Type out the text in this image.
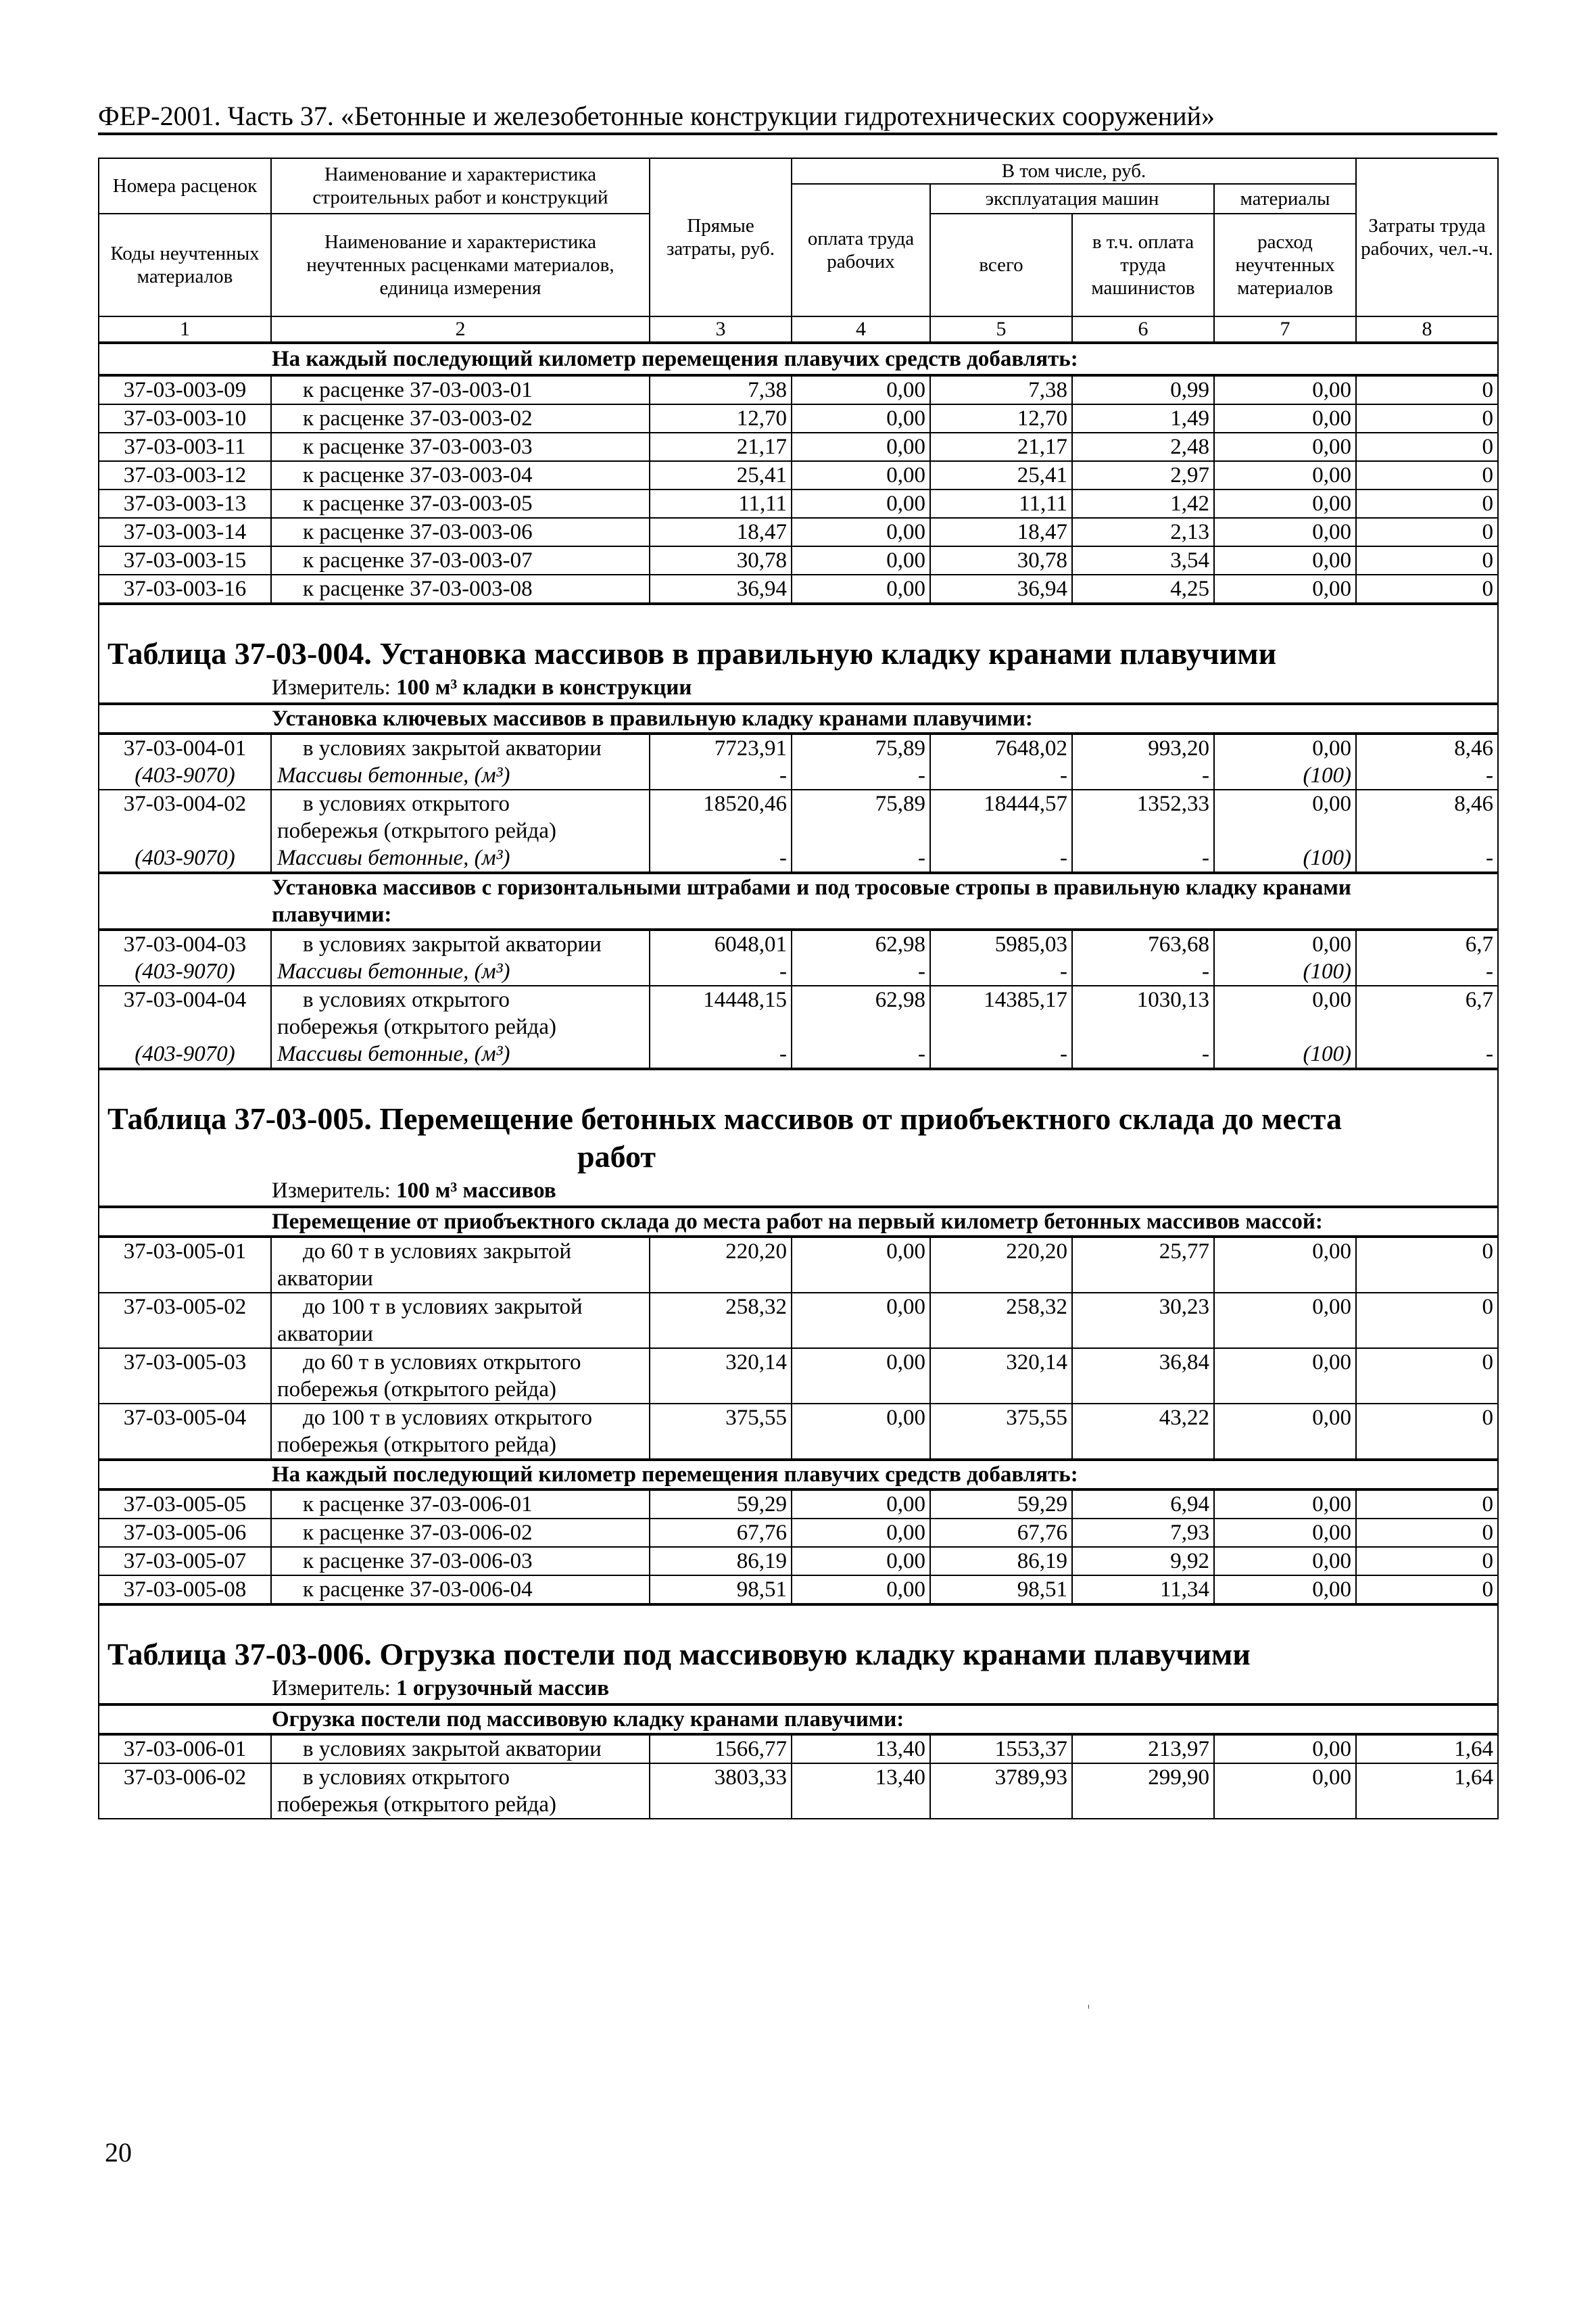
ФЕР-2001. Часть 37. «Бетонные и железобетонные конструкции гидротехнических сооружений»
Номера расценок	Наименование и характеристика строительных работ и конструкций	Прямые затраты, руб.	В том числе, руб.				Затраты труда рабочих, чел.-ч.
			оплата труда рабочих	эксплуатация машин		материалы	
Коды неучтенных материалов	Наименование и характеристика неучтенных расценками материалов, единица измерения			всего	в т.ч. оплата труда машинистов	расход неучтенных материалов	

1	2	3	4	5	6	7	8
На каждый последующий километр перемещения плавучих средств добавлять:							
37-03-003-09	к расценке 37-03-003-01	7,38	0,00	7,38	0,99	0,00	0
37-03-003-10	к расценке 37-03-003-02	12,70	0,00	12,70	1,49	0,00	0
37-03-003-11	к расценке 37-03-003-03	21,17	0,00	21,17	2,48	0,00	0
37-03-003-12	к расценке 37-03-003-04	25,41	0,00	25,41	2,97	0,00	0
37-03-003-13	к расценке 37-03-003-05	11,11	0,00	11,11	1,42	0,00	0
37-03-003-14	к расценке 37-03-003-06	18,47	0,00	18,47	2,13	0,00	0
37-03-003-15	к расценке 37-03-003-07	30,78	0,00	30,78	3,54	0,00	0
37-03-003-16	к расценке 37-03-003-08	36,94	0,00	36,94	4,25	0,00	0

Таблица 37-03-004. Установка массивов в правильную кладку кранами плавучими
Измеритель: 100 м³ кладки в конструкции							

Установка ключевых массивов в правильную кладку кранами плавучими:							
37-03-004-01	в условиях закрытой акватории	7723,91	75,89	7648,02	993,20	0,00	8,46
(403-9070)	Массивы бетонные, (м³)	-	-	-	-	(100)	-
37-03-004-02	в условиях открытого
побережья (открытого рейда)	18520,46	75,89	18444,57	1352,33	0,00	8,46
(403-9070)	Массивы бетонные, (м³)	-	-	-	-	(100)	-
Установка массивов с горизонтальными штрабами и под тросовые стропы в правильную кладку кранами плавучими:							
37-03-004-03	в условиях закрытой акватории	6048,01	62,98	5985,03	763,68	0,00	6,7
(403-9070)	Массивы бетонные, (м³)	-	-	-	-	(100)	-
37-03-004-04	в условиях открытого
побережья (открытого рейда)	14448,15	62,98	14385,17	1030,13	0,00	6,7
(403-9070)	Массивы бетонные, (м³)	-	-	-	-	(100)	-

Таблица 37-03-005. Перемещение бетонных массивов от приобъектного склада до места
работ
Измеритель: 100 м³ массивов							

Перемещение от приобъектного склада до места работ на первый километр бетонных массивов массой:							
37-03-005-01	до 60 т в условиях закрытой
акватории	220,20	0,00	220,20	25,77	0,00	0
37-03-005-02	до 100 т в условиях закрытой
акватории	258,32	0,00	258,32	30,23	0,00	0
37-03-005-03	до 60 т в условиях открытого
побережья (открытого рейда)	320,14	0,00	320,14	36,84	0,00	0
37-03-005-04	до 100 т в условиях открытого
побережья (открытого рейда)	375,55	0,00	375,55	43,22	0,00	0
На каждый последующий километр перемещения плавучих средств добавлять:							
37-03-005-05	к расценке 37-03-006-01	59,29	0,00	59,29	6,94	0,00	0
37-03-005-06	к расценке 37-03-006-02	67,76	0,00	67,76	7,93	0,00	0
37-03-005-07	к расценке 37-03-006-03	86,19	0,00	86,19	9,92	0,00	0
37-03-005-08	к расценке 37-03-006-04	98,51	0,00	98,51	11,34	0,00	0

Таблица 37-03-006. Огрузка постели под массивовую кладку кранами плавучими
Измеритель: 1 огрузочный массив							

Огрузка постели под массивовую кладку кранами плавучими:							
37-03-006-01	в условиях закрытой акватории	1566,77	13,40	1553,37	213,97	0,00	1,64
37-03-006-02	в условиях открытого
побережья (открытого рейда)	3803,33	13,40	3789,93	299,90	0,00	1,64
20
